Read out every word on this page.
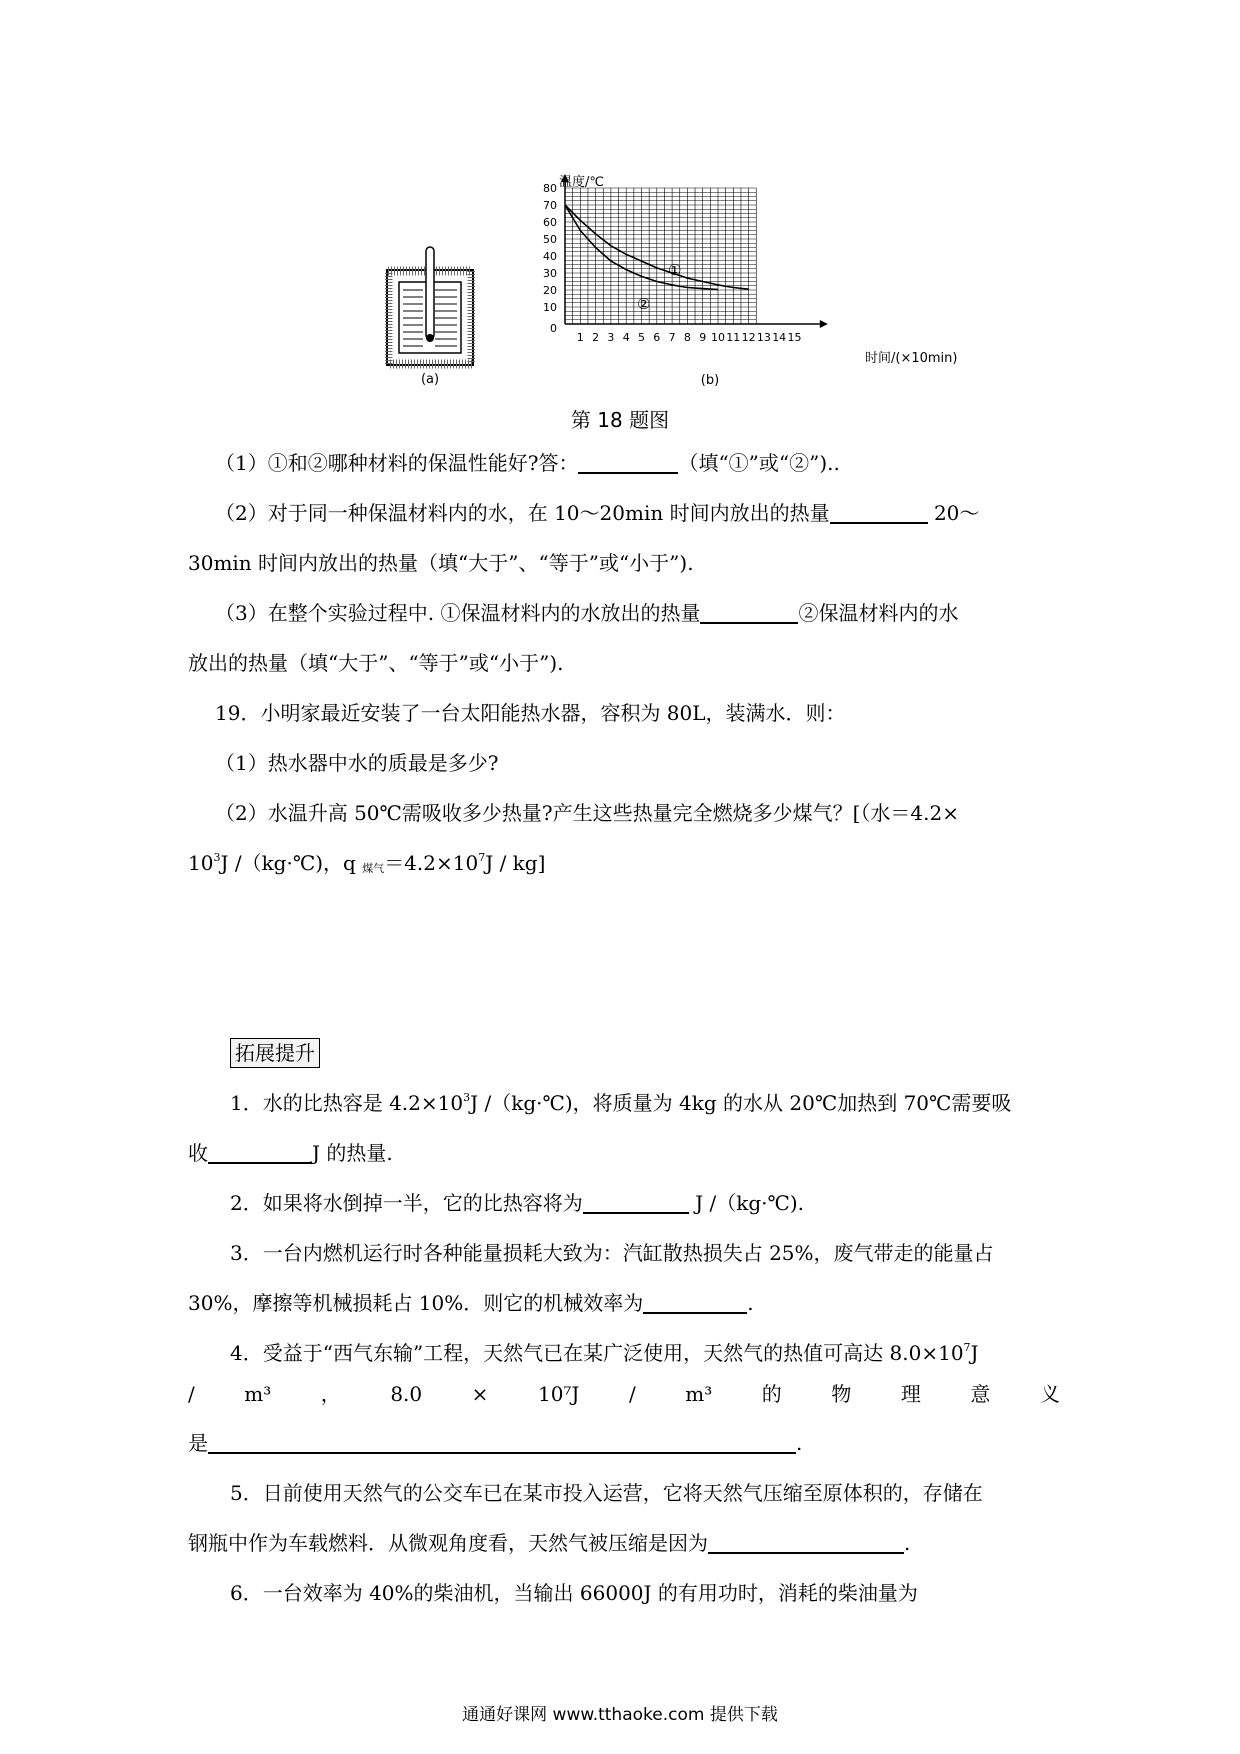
(a)
80
70
60
50
40
30
20
10
0
1 2 3 4 5 6 7 8 9 10 11 12 13 14 15
温度/℃
时间/(×10min)
①
②
(b)
第 18 题图
（1）①和②哪种材料的保温性能好?答：	（填“①”或“②”)..
（2）对于同一种保温材料内的水，在 10～20min 时间内放出的热量	20～
30min 时间内放出的热量（填“大于”、“等于”或“小于”).
（3）在整个实验过程中. ①保温材料内的水放出的热量	②保温材料内的水
放出的热量（填“大于”、“等于”或“小于”).
19．小明家最近安装了一台太阳能热水器，容积为 80L，装满水．则：
（1）热水器中水的质最是多少?
（2）水温升高 50℃需吸收多少热量?产生这些热量完全燃烧多少煤气？[（水＝4.2×
$10^3J$ /（kg·℃)，q $_{煤气}=4.2\times 10^7J / kg$]
拓展提升
1．水的比热容是 $4.2\times 10^3J$ /（kg·℃)，将质量为 4kg 的水从 20℃加热到 70℃需要吸
收	J 的热量.
2．如果将水倒掉一半，它的比热容将为	J /（kg·℃).
3．一台内燃机运行时各种能量损耗大致为：汽缸散热损失占 25%，废气带走的能量占
30%，摩擦等机械损耗占 10%．则它的机械效率为	.
4．受益于“西气东输”工程，天然气已在某广泛使用，天然气的热值可高达 $8.0\times 10^7J$
/ m³ ， 8.0 × 10⁷J / m³ 的 物 理 意 义
是	.
5．日前使用天然气的公交车已在某市投入运营，它将天然气压缩至原体积的，存储在
钢瓶中作为车载燃料．从微观角度看，天然气被压缩是因为	.
6．一台效率为 40%的柴油机，当输出 66000J 的有用功时，消耗的柴油量为
通通好课网 www.tthaoke.com 提供下载
